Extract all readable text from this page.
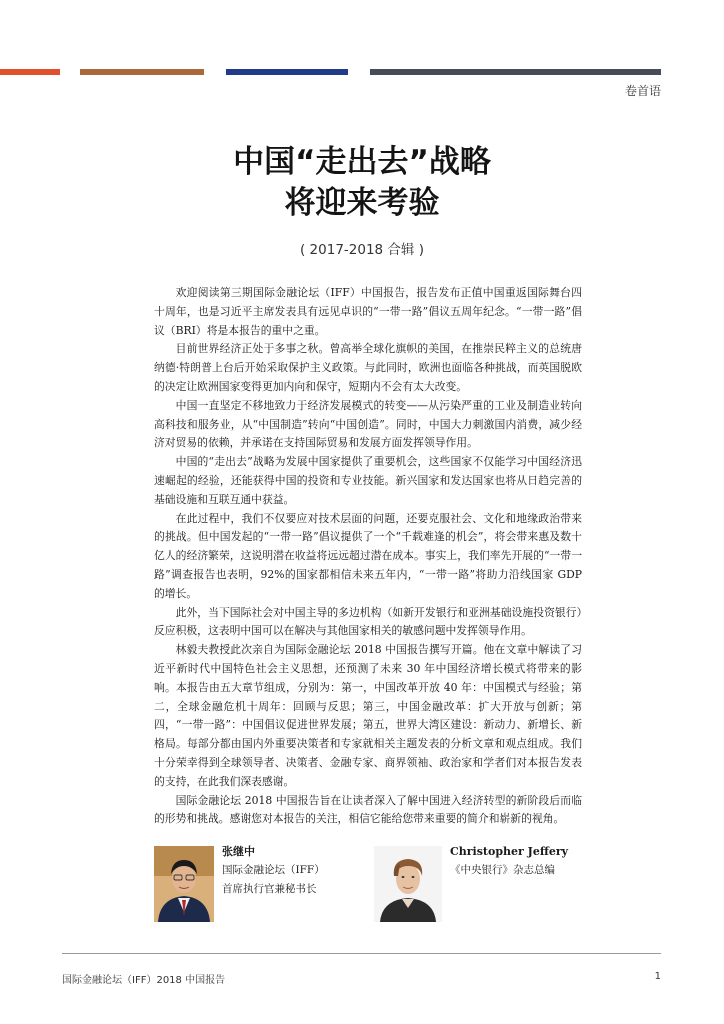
卷首语
中国“走出去”战略
将迎来考验

( 2017-2018 合辑 )

欢迎阅读第三期国际金融论坛（IFF）中国报告，报告发布正值中国重返国际舞台四十周年，也是习近平主席发表具有远见卓识的“一带一路”倡议五周年纪念。“一带一路”倡议（BRI）将是本报告的重中之重。

目前世界经济正处于多事之秋。曾高举全球化旗帜的美国，在推崇民粹主义的总统唐纳德·特朗普上台后开始采取保护主义政策。与此同时，欧洲也面临各种挑战，而英国脱欧的决定让欧洲国家变得更加内向和保守，短期内不会有太大改变。

中国一直坚定不移地致力于经济发展模式的转变——从污染严重的工业及制造业转向高科技和服务业，从“中国制造”转向“中国创造”。同时，中国大力刺激国内消费，减少经济对贸易的依赖，并承诺在支持国际贸易和发展方面发挥领导作用。

中国的“走出去”战略为发展中国家提供了重要机会，这些国家不仅能学习中国经济迅速崛起的经验，还能获得中国的投资和专业技能。新兴国家和发达国家也将从日趋完善的基础设施和互联互通中获益。

在此过程中，我们不仅要应对技术层面的问题，还要克服社会、文化和地缘政治带来的挑战。但中国发起的“一带一路”倡议提供了一个“千载难逢的机会”，将会带来惠及数十亿人的经济繁荣，这说明潜在收益将远远超过潜在成本。事实上，我们率先开展的“一带一路”调查报告也表明，92%的国家都相信未来五年内，“一带一路”将助力沿线国家 GDP 的增长。

此外，当下国际社会对中国主导的多边机构（如新开发银行和亚洲基础设施投资银行）反应积极，这表明中国可以在解决与其他国家相关的敏感问题中发挥领导作用。

林毅夫教授此次亲自为国际金融论坛 2018 中国报告撰写开篇。他在文章中解读了习近平新时代中国特色社会主义思想，还预测了未来 30 年中国经济增长模式将带来的影响。本报告由五大章节组成，分别为：第一，中国改革开放 40 年：中国模式与经验；第二，全球金融危机十周年：回顾与反思；第三，中国金融改革：扩大开放与创新；第四，“一带一路”：中国倡议促进世界发展；第五，世界大湾区建设：新动力、新增长、新格局。每部分都由国内外重要决策者和专家就相关主题发表的分析文章和观点组成。我们十分荣幸得到全球领导者、决策者、金融专家、商界领袖、政治家和学者们对本报告发表的支持，在此我们深表感谢。

国际金融论坛 2018 中国报告旨在让读者深入了解中国进入经济转型的新阶段后而临的形势和挑战。感谢您对本报告的关注，相信它能给您带来重要的简介和崭新的视角。

张继中
国际金融论坛（IFF）
首席执行官兼秘书长
Christopher Jeffery
《中央银行》杂志总编
国际金融论坛（IFF）2018 中国报告	1
